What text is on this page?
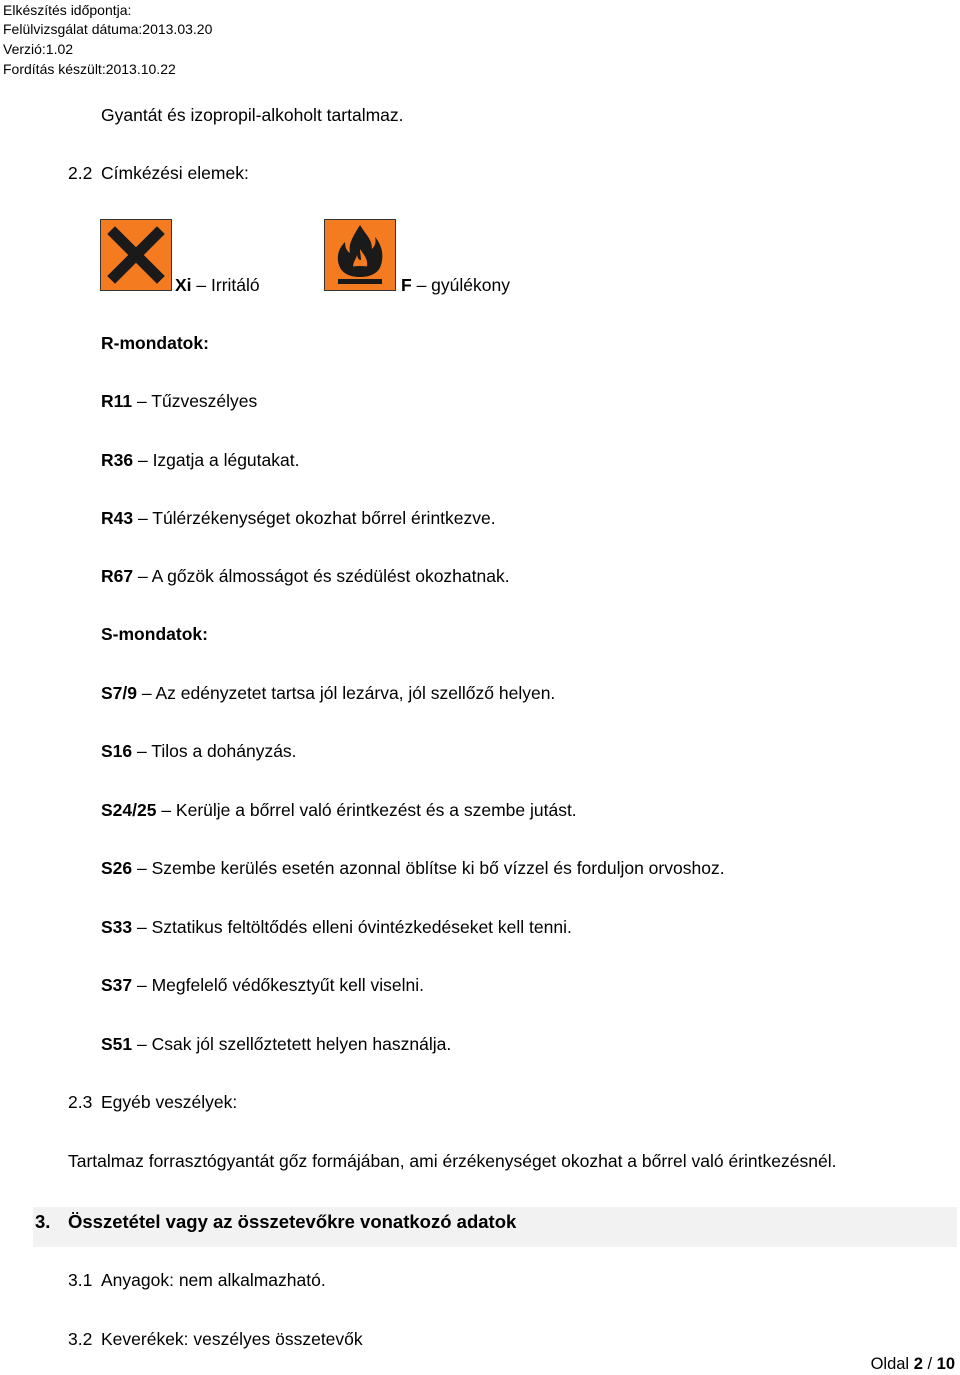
Elkészítés időpontja:
Felülvizsgálat dátuma:2013.03.20
Verzió:1.02
Fordítás készült:2013.10.22
Gyantát és izopropil-alkoholt tartalmaz.
2.2 Címkézési elemek:
Xi – Irritáló	F – gyúlékony
R-mondatok:
R11 – Tűzveszélyes
R36 – Izgatja a légutakat.
R43 – Túlérzékenységet okozhat bőrrel érintkezve.
R67 – A gőzök álmosságot és szédülést okozhatnak.
S-mondatok:
S7/9 – Az edényzetet tartsa jól lezárva, jól szellőző helyen.
S16 – Tilos a dohányzás.
S24/25 – Kerülje a bőrrel való érintkezést és a szembe jutást.
S26 – Szembe kerülés esetén azonnal öblítse ki bő vízzel és forduljon orvoshoz.
S33 – Sztatikus feltöltődés elleni óvintézkedéseket kell tenni.
S37 – Megfelelő védőkesztyűt kell viselni.
S51 – Csak jól szellőztetett helyen használja.
2.3 Egyéb veszélyek:
Tartalmaz forrasztógyantát gőz formájában, ami érzékenységet okozhat a bőrrel való érintkezésnél.
3. Összetétel vagy az összetevőkre vonatkozó adatok
3.1 Anyagok: nem alkalmazható.
3.2 Keverékek: veszélyes összetevők
Oldal 2 / 10
